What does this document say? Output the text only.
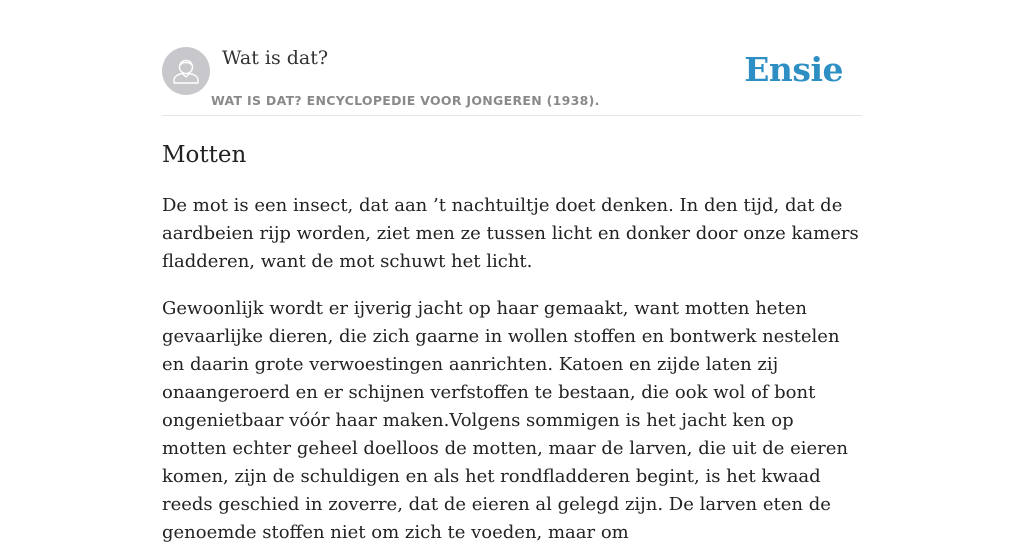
Wat is dat?
WAT IS DAT? ENCYCLOPEDIE VOOR JONGEREN (1938).
Ensie
Motten

De mot is een insect, dat aan ’t nachtuiltje doet denken. In den tijd, dat de aardbeien rijp worden, ziet men ze tussen licht en donker door onze kamers fladderen, want de mot schuwt het licht.

Gewoonlijk wordt er ijverig jacht op haar gemaakt, want motten heten gevaarlijke dieren, die zich gaarne in wollen stoffen en bontwerk nestelen en daarin grote verwoestingen aanrichten. Katoen en zijde laten zij onaangeroerd en er schijnen verfstoffen te bestaan, die ook wol of bont ongenietbaar vóór haar maken.Volgens sommigen is het jacht ken op motten echter geheel doelloos de motten, maar de larven, die uit de eieren komen, zijn de schuldigen en als het rondfladderen begint, is het kwaad reeds geschied in zoverre, dat de eieren al gelegd zijn. De larven eten de genoemde stoffen niet om zich te voeden, maar om
